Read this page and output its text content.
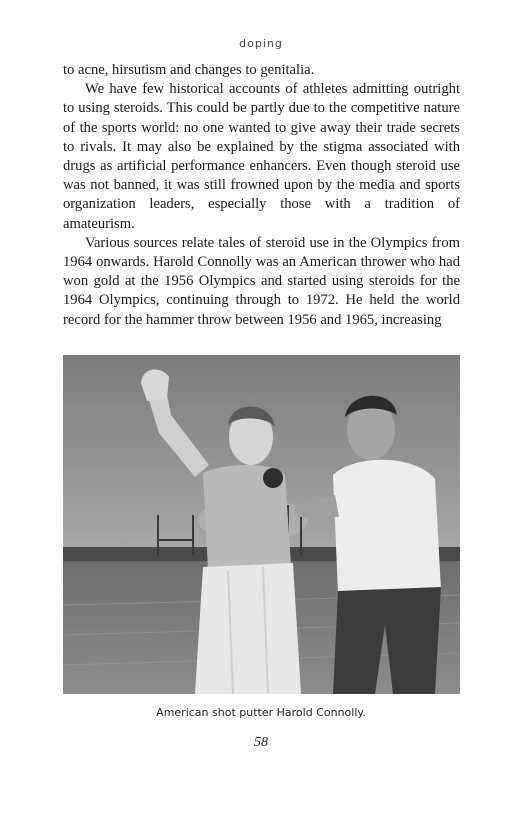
doping

to acne, hirsutism and changes to genitalia.

We have few historical accounts of athletes admitting outright to using steroids. This could be partly due to the competitive nature of the sports world: no one wanted to give away their trade secrets to rivals. It may also be explained by the stigma associated with drugs as artificial performance enhancers. Even though steroid use was not banned, it was still frowned upon by the media and sports organization leaders, especially those with a tradition of amateurism.

Various sources relate tales of steroid use in the Olympics from 1964 onwards. Harold Connolly was an American thrower who had won gold at the 1956 Olympics and started using steroids for the 1964 Olympics, continuing through to 1972. He held the world record for the hammer throw between 1956 and 1965, increasing

American shot putter Harold Connolly.
58
